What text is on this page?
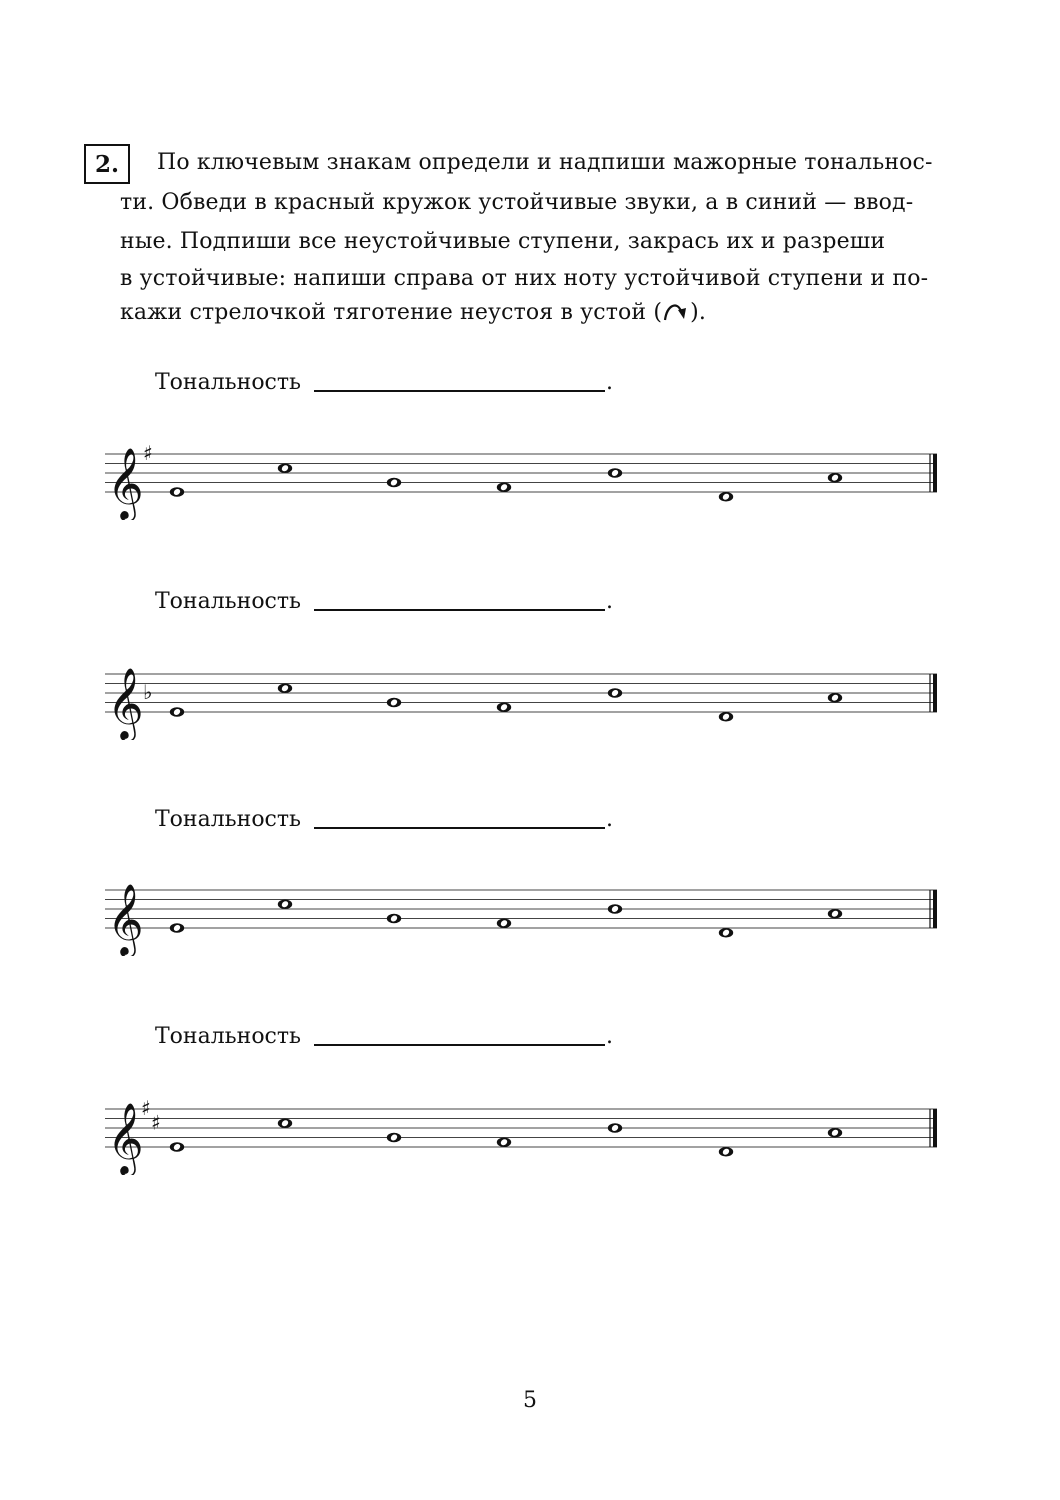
2. По ключевым знакам определи и надпиши мажорные тональнос-
ти. Обведи в красный кружок устойчивые звуки, а в синий — ввод-
ные. Подпиши все неустойчивые ступени, закрась их и разреши
в устойчивые: напиши справа от них ноту устойчивой ступени и по-
кажи стрелочкой тяготение неустоя в устой ( ).
Тональность	.
𝄞 ♯
Тональность	.
𝄞 ♭
Тональность	.
𝄞
Тональность	.
𝄞
♯
♯
5
